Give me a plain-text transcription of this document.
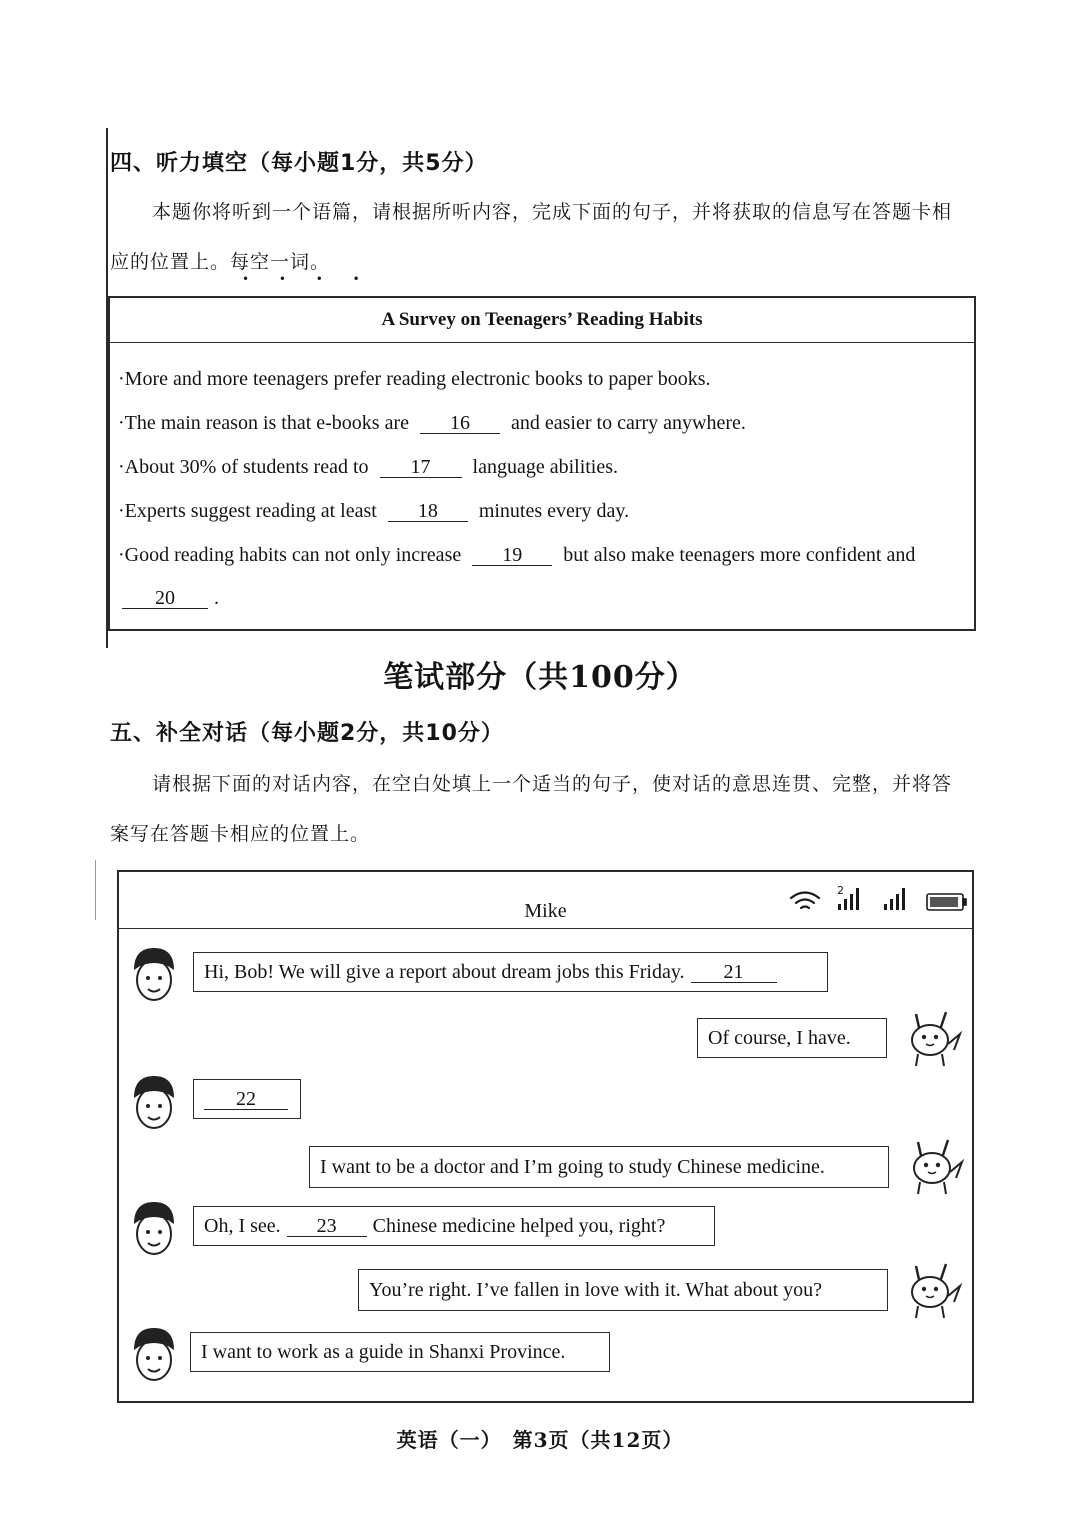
四、听力填空（每小题1分，共5分）
本题你将听到一个语篇，请根据所听内容，完成下面的句子，并将获取的信息写在答题卡相
应的位置上。每空一词。
• • • •
A Survey on Teenagers’ Reading Habits
·More and more teenagers prefer reading electronic books to paper books.
·The main reason is that e-books are 16 and easier to carry anywhere.
·About 30% of students read to 17 language abilities.
·Experts suggest reading at least 18 minutes every day.
·Good reading habits can not only increase 19 but also make teenagers more confident and
20 .
笔试部分（共100分）
五、补全对话（每小题2分，共10分）
请根据下面的对话内容，在空白处填上一个适当的句子，使对话的意思连贯、完整，并将答
案写在答题卡相应的位置上。
Mike
2
Hi, Bob! We will give a report about dream jobs this Friday.	21
Of course, I have.
22
I want to be a doctor and I’m going to study Chinese medicine.
Oh, I see.	23	Chinese medicine helped you, right?
You’re right. I’ve fallen in love with it. What about you?
I want to work as a guide in Shanxi Province.
英语（一）　第3页（共12页）
